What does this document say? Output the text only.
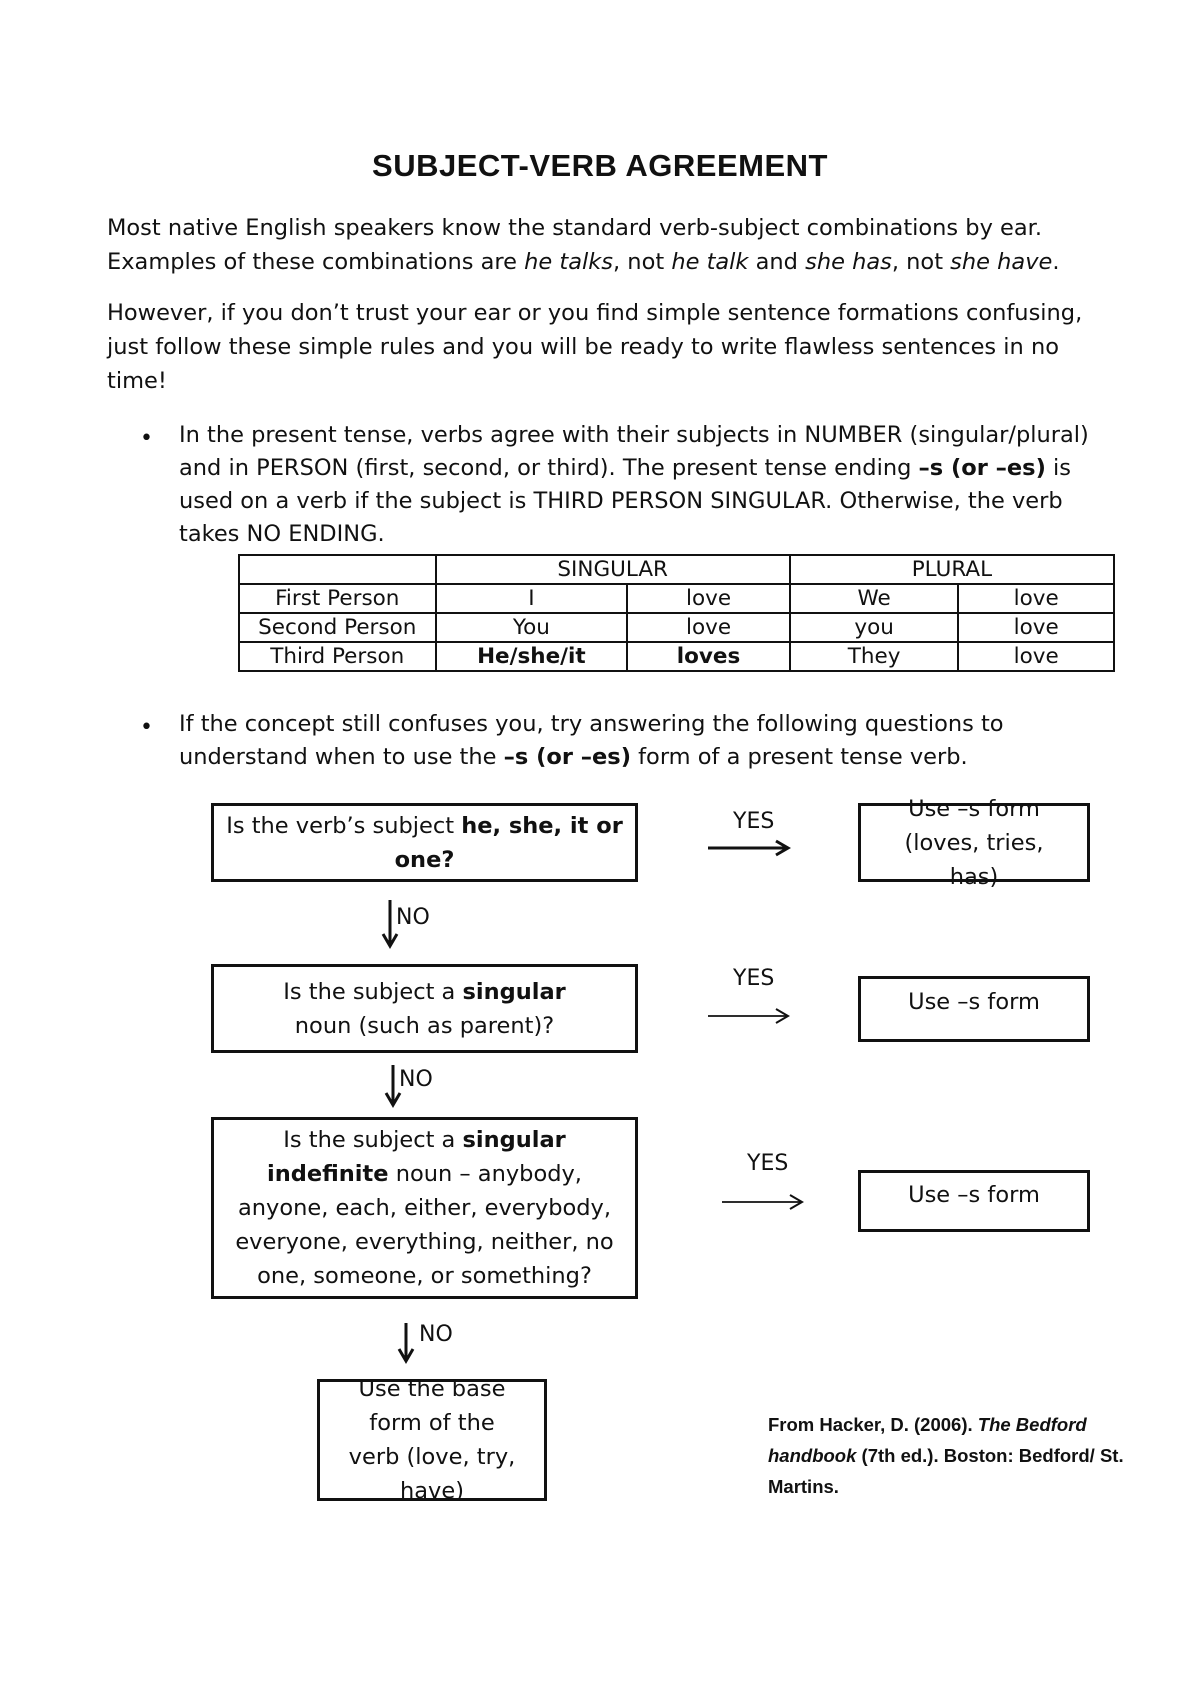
SUBJECT-VERB AGREEMENT
Most native English speakers know the standard verb-subject combinations by ear.
Examples of these combinations are he talks, not he talk and she has, not she have.
However, if you don’t trust your ear or you find simple sentence formations confusing, just follow these simple rules and you will be ready to write flawless sentences in no time!
• In the present tense, verbs agree with their subjects in NUMBER (singular/plural) and in PERSON (first, second, or third). The present tense ending –s (or –es) is used on a verb if the subject is THIRD PERSON SINGULAR. Otherwise, the verb takes NO ENDING.
	SINGULAR		PLURAL	
First Person	I	love	We	love
Second Person	You	love	you	love
Third Person	He/she/it	loves	They	love
• If the concept still confuses you, try answering the following questions to understand when to use the –s (or –es) form of a present tense verb.
Is the verb’s subject he, she, it or one?
Is the subject a singular noun (such as parent)?
Is the subject a singular indefinite noun – anybody, anyone, each, either, everybody, everyone, everything, neither, no one, someone, or something?
Use the base form of the verb (love, try, have)
Use –s form (loves, tries, has)
Use –s form
Use –s form
YES
YES
YES
NO
NO
NO
From Hacker, D. (2006). The Bedford handbook (7th ed.). Boston: Bedford/ St. Martins.
